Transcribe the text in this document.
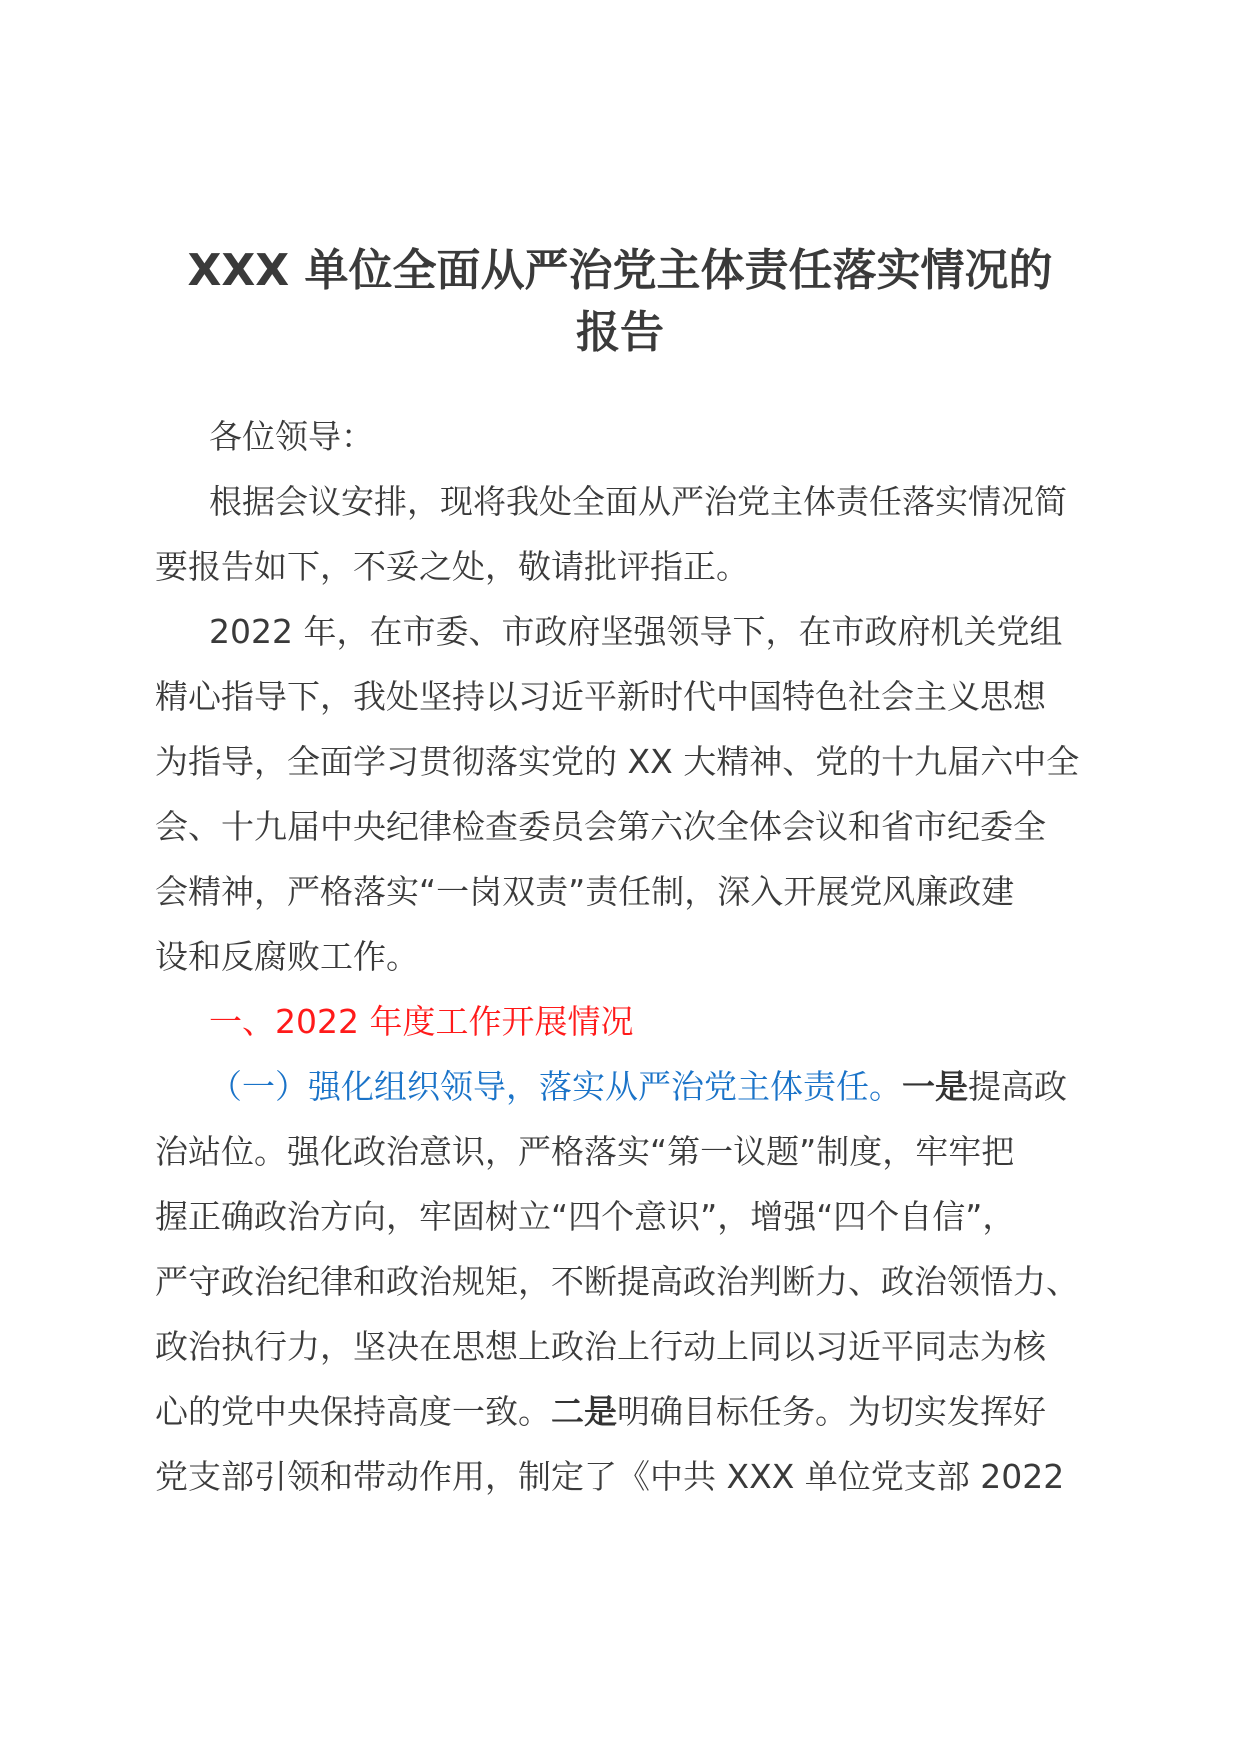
XXX 单位全面从严治党主体责任落实情况的
报告
各位领导：
根据会议安排，现将我处全面从严治党主体责任落实情况简
要报告如下，不妥之处，敬请批评指正。
2022 年，在市委、市政府坚强领导下，在市政府机关党组
精心指导下，我处坚持以习近平新时代中国特色社会主义思想
为指导，全面学习贯彻落实党的 XX 大精神、党的十九届六中全
会、十九届中央纪律检查委员会第六次全体会议和省市纪委全
会精神，严格落实“一岗双责”责任制，深入开展党风廉政建
设和反腐败工作。
一、2022 年度工作开展情况
（一）强化组织领导，落实从严治党主体责任。一是提高政
治站位。强化政治意识，严格落实“第一议题”制度，牢牢把
握正确政治方向，牢固树立“四个意识”，增强“四个自信”，
严守政治纪律和政治规矩，不断提高政治判断力、政治领悟力、
政治执行力，坚决在思想上政治上行动上同以习近平同志为核
心的党中央保持高度一致。二是明确目标任务。为切实发挥好
党支部引领和带动作用，制定了《中共 XXX 单位党支部 2022
